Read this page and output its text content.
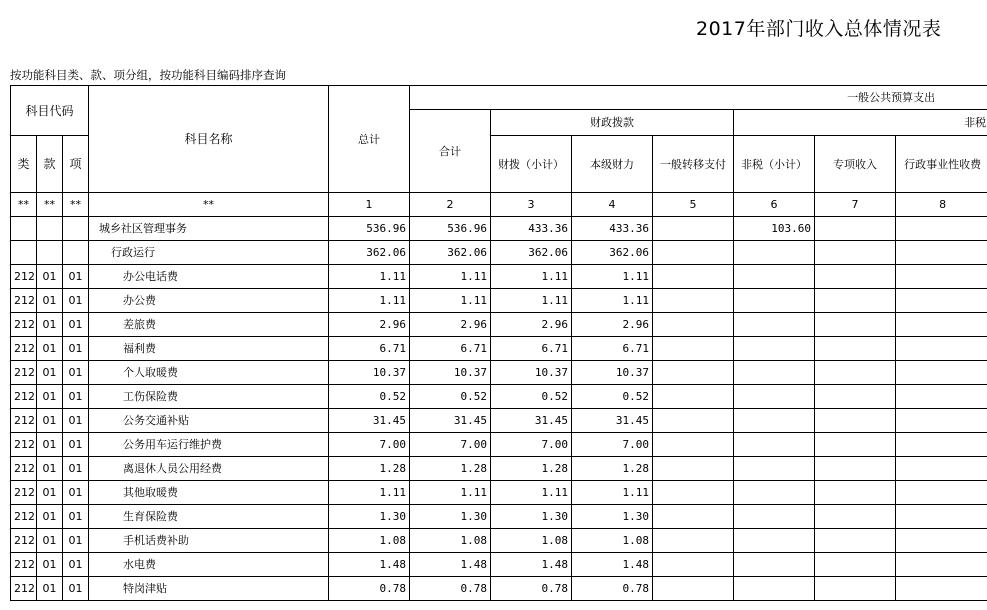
2017年部门收入总体情况表
按功能科目类、款、项分组，按功能科目编码排序查询
科目代码			科目名称	总计	一般公共预算支出						
					合计	财政拨款			非税		
类	款	项				财拨（小计）	本级财力	一般转移支付	非税（小计）	专项收入	行政事业性收费
**	**	**	**	1	2	3	4	5	6	7	8
			城乡社区管理事务	536.96	536.96	433.36	433.36		103.60		
			行政运行	362.06	362.06	362.06	362.06				
212	01	01	办公电话费	1.11	1.11	1.11	1.11				
212	01	01	办公费	1.11	1.11	1.11	1.11				
212	01	01	差旅费	2.96	2.96	2.96	2.96				
212	01	01	福利费	6.71	6.71	6.71	6.71				
212	01	01	个人取暖费	10.37	10.37	10.37	10.37				
212	01	01	工伤保险费	0.52	0.52	0.52	0.52				
212	01	01	公务交通补贴	31.45	31.45	31.45	31.45				
212	01	01	公务用车运行维护费	7.00	7.00	7.00	7.00				
212	01	01	离退休人员公用经费	1.28	1.28	1.28	1.28				
212	01	01	其他取暖费	1.11	1.11	1.11	1.11				
212	01	01	生育保险费	1.30	1.30	1.30	1.30				
212	01	01	手机话费补助	1.08	1.08	1.08	1.08				
212	01	01	水电费	1.48	1.48	1.48	1.48				
212	01	01	特岗津贴	0.78	0.78	0.78	0.78				
